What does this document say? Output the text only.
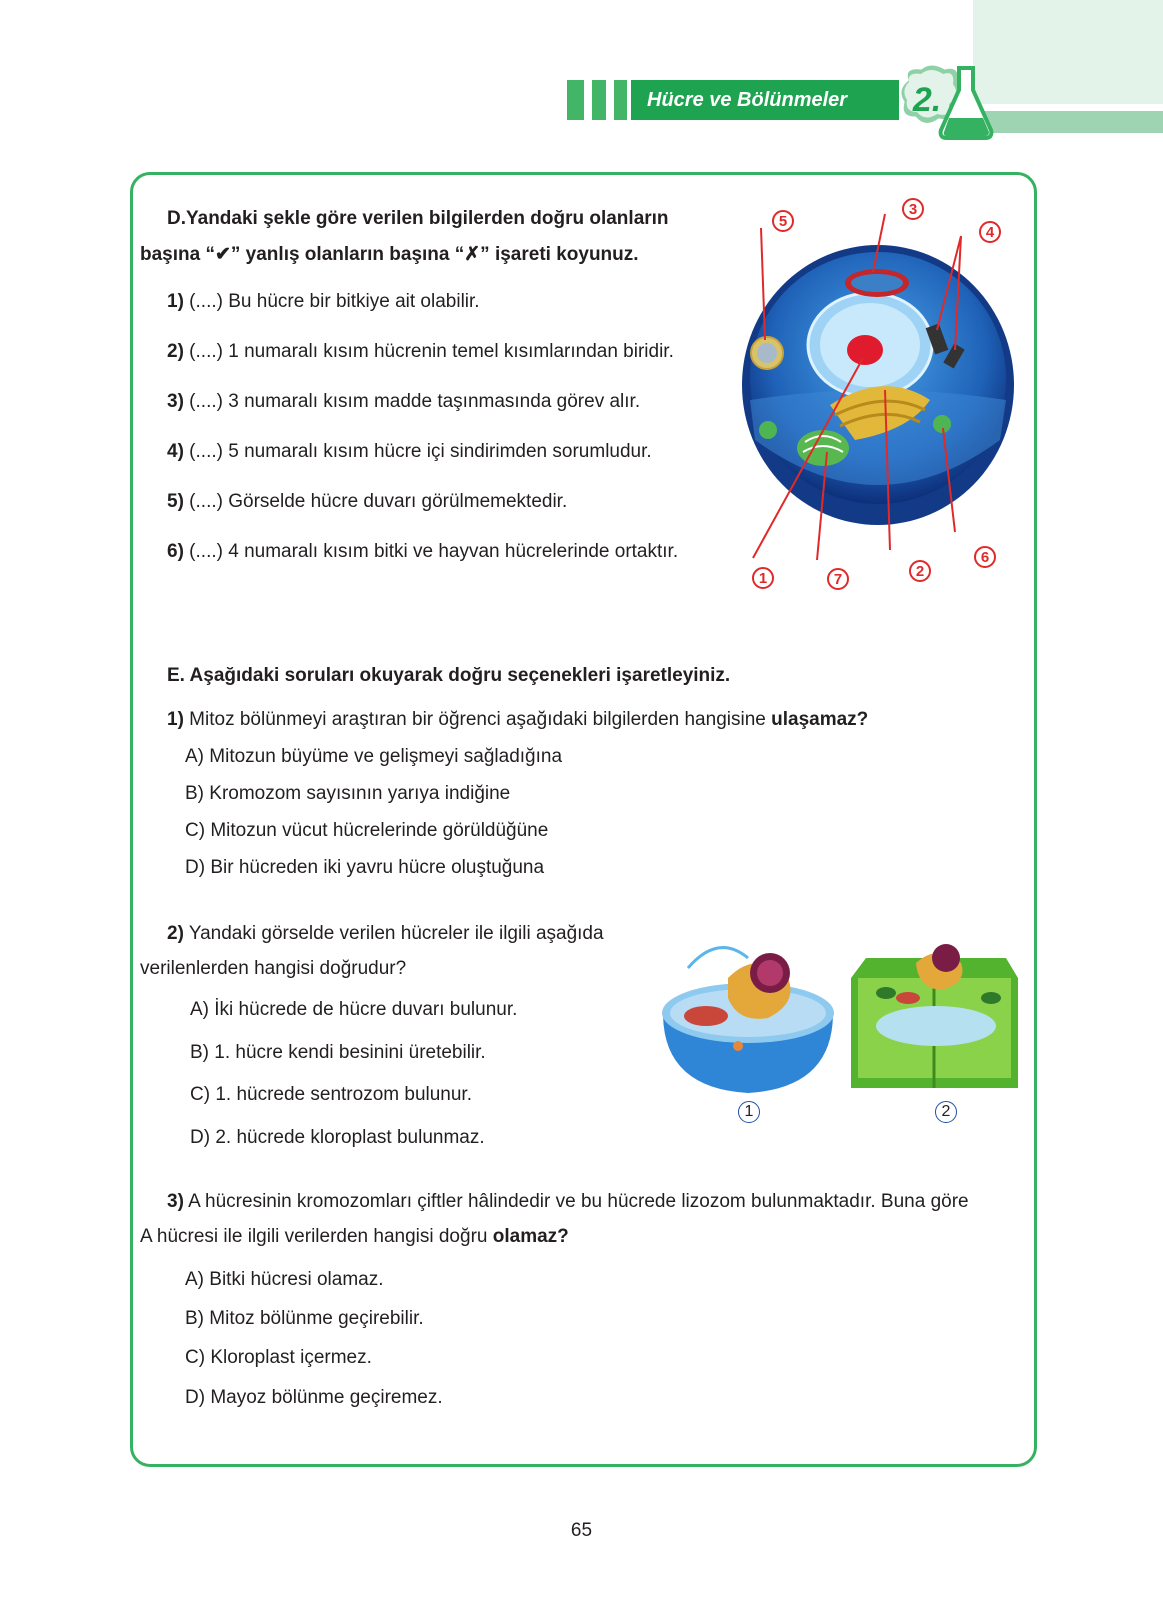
Hücre ve Bölünmeler	2.
D.Yandaki şekle göre verilen bilgilerden doğru olanların
başına “✔” yanlış olanların başına “✗” işareti koyunuz.
1) (....) Bu hücre bir bitkiye ait olabilir.
2) (....) 1 numaralı kısım hücrenin temel kısımlarından biridir.
3) (....) 3 numaralı kısım madde taşınmasında görev alır.
4) (....) 5 numaralı kısım hücre içi sindirimden sorumludur.
5) (....) Görselde hücre duvarı görülmemektedir.
6) (....) 4 numaralı kısım bitki ve hayvan hücrelerinde ortaktır.
1	2
3
4
5
6
7
E. Aşağıdaki soruları okuyarak doğru seçenekleri işaretleyiniz.
1) Mitoz bölünmeyi araştıran bir öğrenci aşağıdaki bilgilerden hangisine ulaşamaz?
A) Mitozun büyüme ve gelişmeyi sağladığına
B) Kromozom sayısının yarıya indiğine
C) Mitozun vücut hücrelerinde görüldüğüne
D) Bir hücreden iki yavru hücre oluştuğuna
2) Yandaki görselde verilen hücreler ile ilgili aşağıda
verilenlerden hangisi doğrudur?
A) İki hücrede de hücre duvarı bulunur.
B) 1. hücre kendi besinini üretebilir.
C) 1. hücrede sentrozom bulunur.
D) 2. hücrede kloroplast bulunmaz.
1	2
3) A hücresinin kromozomları çiftler hâlindedir ve bu hücrede lizozom bulunmaktadır. Buna göre
A hücresi ile ilgili verilerden hangisi doğru olamaz?
A) Bitki hücresi olamaz.
B) Mitoz bölünme geçirebilir.
C) Kloroplast içermez.
D) Mayoz bölünme geçiremez.
65
